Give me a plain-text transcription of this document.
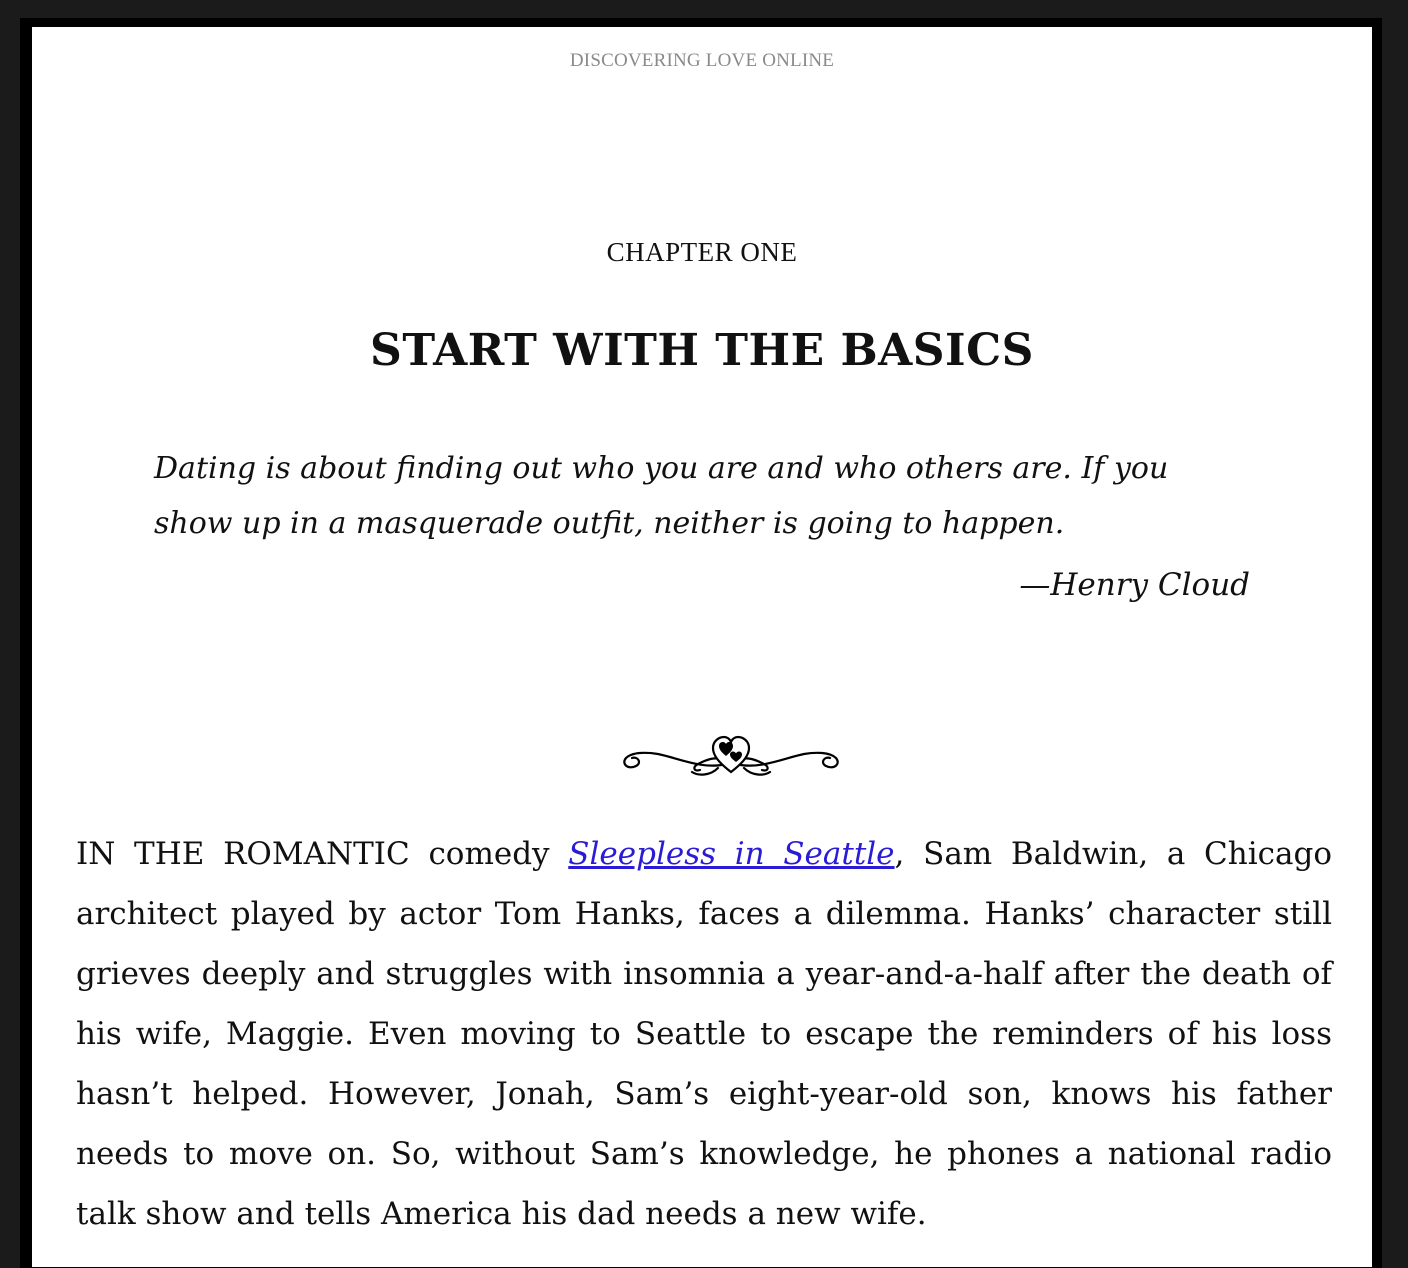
DISCOVERING LOVE ONLINE
CHAPTER ONE
START WITH THE BASICS

Dating is about finding out who you are and who others are. If you show up in a masquerade outfit, neither is going to happen.

—Henry Cloud

IN THE ROMANTIC comedy Sleepless in Seattle, Sam Baldwin, a Chicago architect played by actor Tom Hanks, faces a dilemma. Hanks’ character still grieves deeply and struggles with insomnia a year-and-a-half after the death of his wife, Maggie. Even moving to Seattle to escape the reminders of his loss hasn’t helped. However, Jonah, Sam’s eight-year-old son, knows his father needs to move on. So, without Sam’s knowledge, he phones a national radio talk show and tells America his dad needs a new wife.
